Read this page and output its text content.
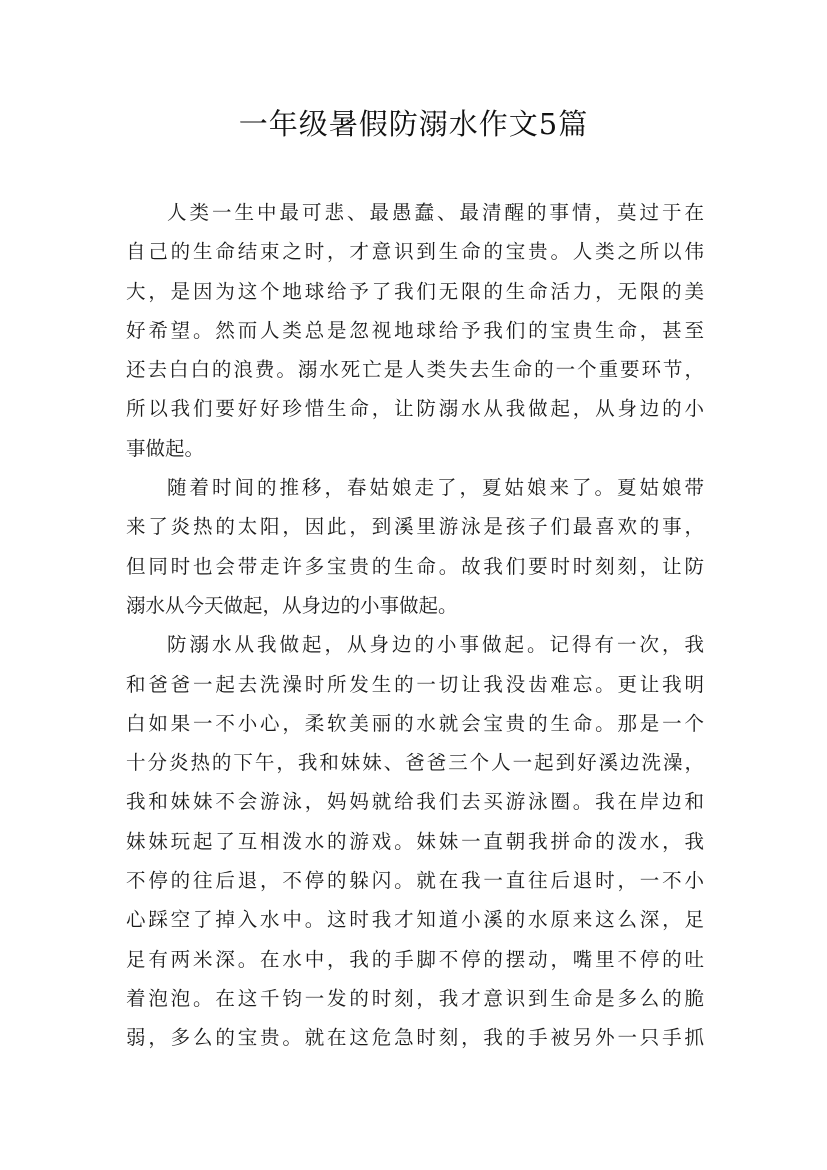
一年级暑假防溺水作文5篇
人类一生中最可悲、最愚蠢、最清醒的事情，莫过于在
自己的生命结束之时，才意识到生命的宝贵。人类之所以伟
大，是因为这个地球给予了我们无限的生命活力，无限的美
好希望。然而人类总是忽视地球给予我们的宝贵生命，甚至
还去白白的浪费。溺水死亡是人类失去生命的一个重要环节，
所以我们要好好珍惜生命，让防溺水从我做起，从身边的小
事做起。
随着时间的推移，春姑娘走了，夏姑娘来了。夏姑娘带
来了炎热的太阳，因此，到溪里游泳是孩子们最喜欢的事，
但同时也会带走许多宝贵的生命。故我们要时时刻刻，让防
溺水从今天做起，从身边的小事做起。
防溺水从我做起，从身边的小事做起。记得有一次，我
和爸爸一起去洗澡时所发生的一切让我没齿难忘。更让我明
白如果一不小心，柔软美丽的水就会宝贵的生命。那是一个
十分炎热的下午，我和妹妹、爸爸三个人一起到好溪边洗澡，
我和妹妹不会游泳，妈妈就给我们去买游泳圈。我在岸边和
妹妹玩起了互相泼水的游戏。妹妹一直朝我拼命的泼水，我
不停的往后退，不停的躲闪。就在我一直往后退时，一不小
心踩空了掉入水中。这时我才知道小溪的水原来这么深，足
足有两米深。在水中，我的手脚不停的摆动，嘴里不停的吐
着泡泡。在这千钧一发的时刻，我才意识到生命是多么的脆
弱，多么的宝贵。就在这危急时刻，我的手被另外一只手抓
